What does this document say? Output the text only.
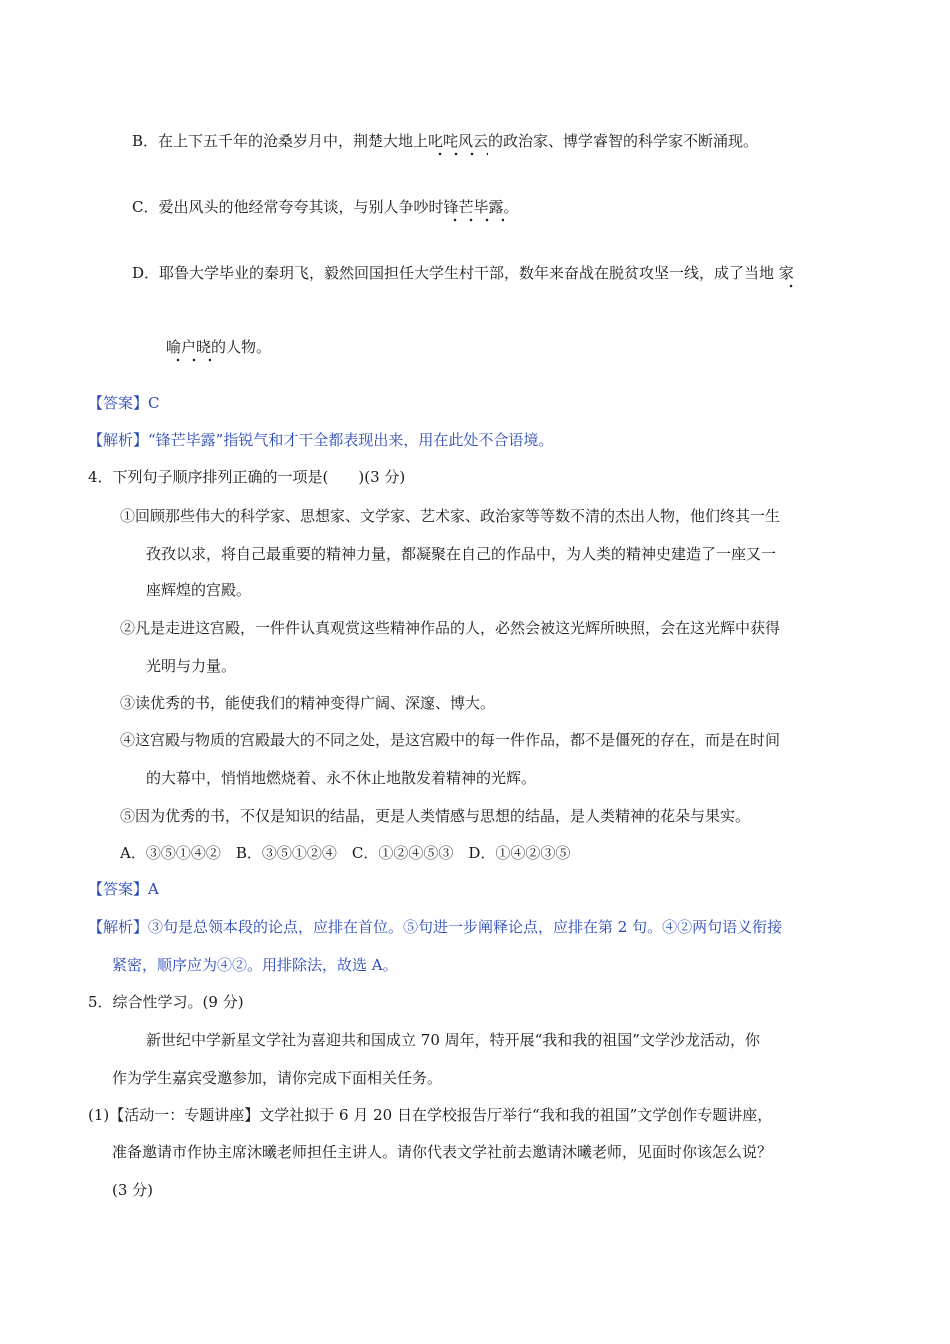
B．在上下五千年的沧桑岁月中，荆楚大地上叱咤风云的政治家、博学睿智的科学家不断涌现。
C．爱出风头的他经常夸夸其谈，与别人争吵时锋芒毕露。
D．耶鲁大学毕业的秦玥飞，毅然回国担任大学生村干部，数年来奋战在脱贫攻坚一线，成了当地 家
喻户晓的人物。
【答案】C
【解析】“锋芒毕露”指锐气和才干全都表现出来，用在此处不合语境。
4．下列句子顺序排列正确的一项是(　　)(3 分)
①回顾那些伟大的科学家、思想家、文学家、艺术家、政治家等等数不清的杰出人物，他们终其一生
孜孜以求，将自己最重要的精神力量，都凝聚在自己的作品中，为人类的精神史建造了一座又一
座辉煌的宫殿。
②凡是走进这宫殿，一件件认真观赏这些精神作品的人，必然会被这光辉所映照，会在这光辉中获得
光明与力量。
③读优秀的书，能使我们的精神变得广阔、深邃、博大。
④这宫殿与物质的宫殿最大的不同之处，是这宫殿中的每一件作品，都不是僵死的存在，而是在时间
的大幕中，悄悄地燃烧着、永不休止地散发着精神的光辉。
⑤因为优秀的书，不仅是知识的结晶，更是人类情感与思想的结晶，是人类精神的花朵与果实。
A．③⑤①④②　B．③⑤①②④　C．①②④⑤③　D．①④②③⑤
【答案】A
【解析】③句是总领本段的论点，应排在首位。⑤句进一步阐释论点，应排在第 2 句。④②两句语义衔接
紧密，顺序应为④②。用排除法，故选 A。
5．综合性学习。(9 分)
新世纪中学新星文学社为喜迎共和国成立 70 周年，特开展“我和我的祖国”文学沙龙活动，你
作为学生嘉宾受邀参加，请你完成下面相关任务。
(1)【活动一：专题讲座】文学社拟于 6 月 20 日在学校报告厅举行“我和我的祖国”文学创作专题讲座，
准备邀请市作协主席沐曦老师担任主讲人。请你代表文学社前去邀请沐曦老师，见面时你该怎么说？
(3 分)
